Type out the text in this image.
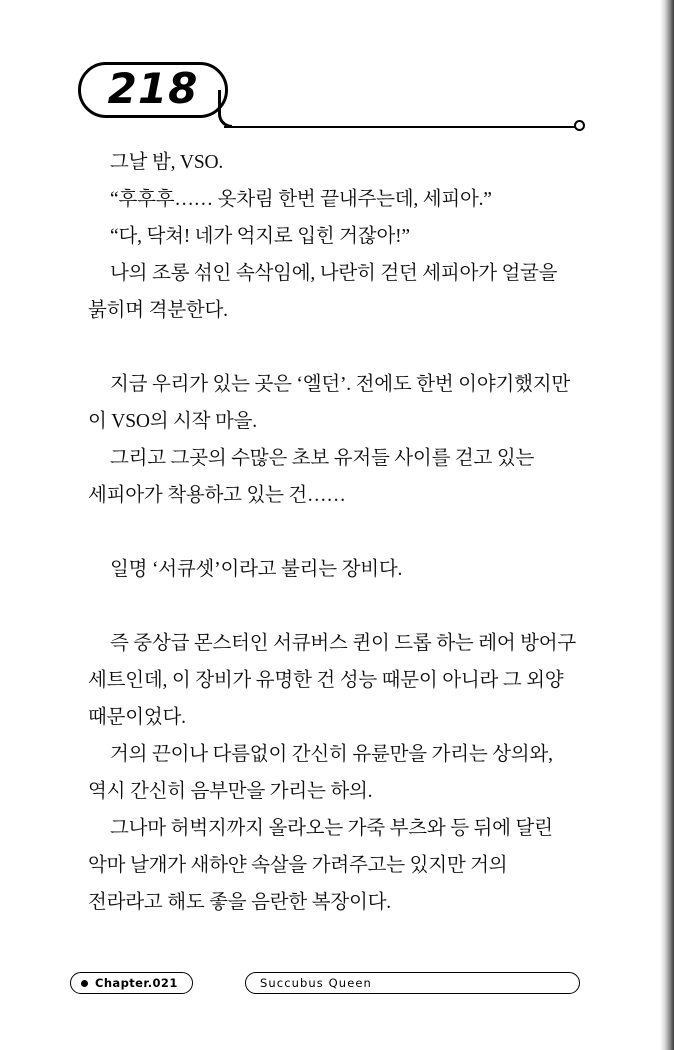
218

그날 밤, VSO.

“후후후…… 옷차림 한번 끝내주는데, 세피아.”

“다, 닥쳐! 네가 억지로 입힌 거잖아!”

나의 조롱 섞인 속삭임에, 나란히 걷던 세피아가 얼굴을 붉히며 격분한다.

지금 우리가 있는 곳은 ‘엘던’. 전에도 한번 이야기했지만 이 VSO의 시작 마을.

그리고 그곳의 수많은 초보 유저들 사이를 걷고 있는 세피아가 착용하고 있는 건……

일명 ‘서큐셋’이라고 불리는 장비다.

즉 중상급 몬스터인 서큐버스 퀸이 드롭 하는 레어 방어구 세트인데, 이 장비가 유명한 건 성능 때문이 아니라 그 외양 때문이었다.

거의 끈이나 다름없이 간신히 유륜만을 가리는 상의와, 역시 간신히 음부만을 가리는 하의.

그나마 허벅지까지 올라오는 가죽 부츠와 등 뒤에 달린 악마 날개가 새하얀 속살을 가려주고는 있지만 거의 전라라고 해도 좋을 음란한 복장이다.

Chapter.021	Succubus Queen
